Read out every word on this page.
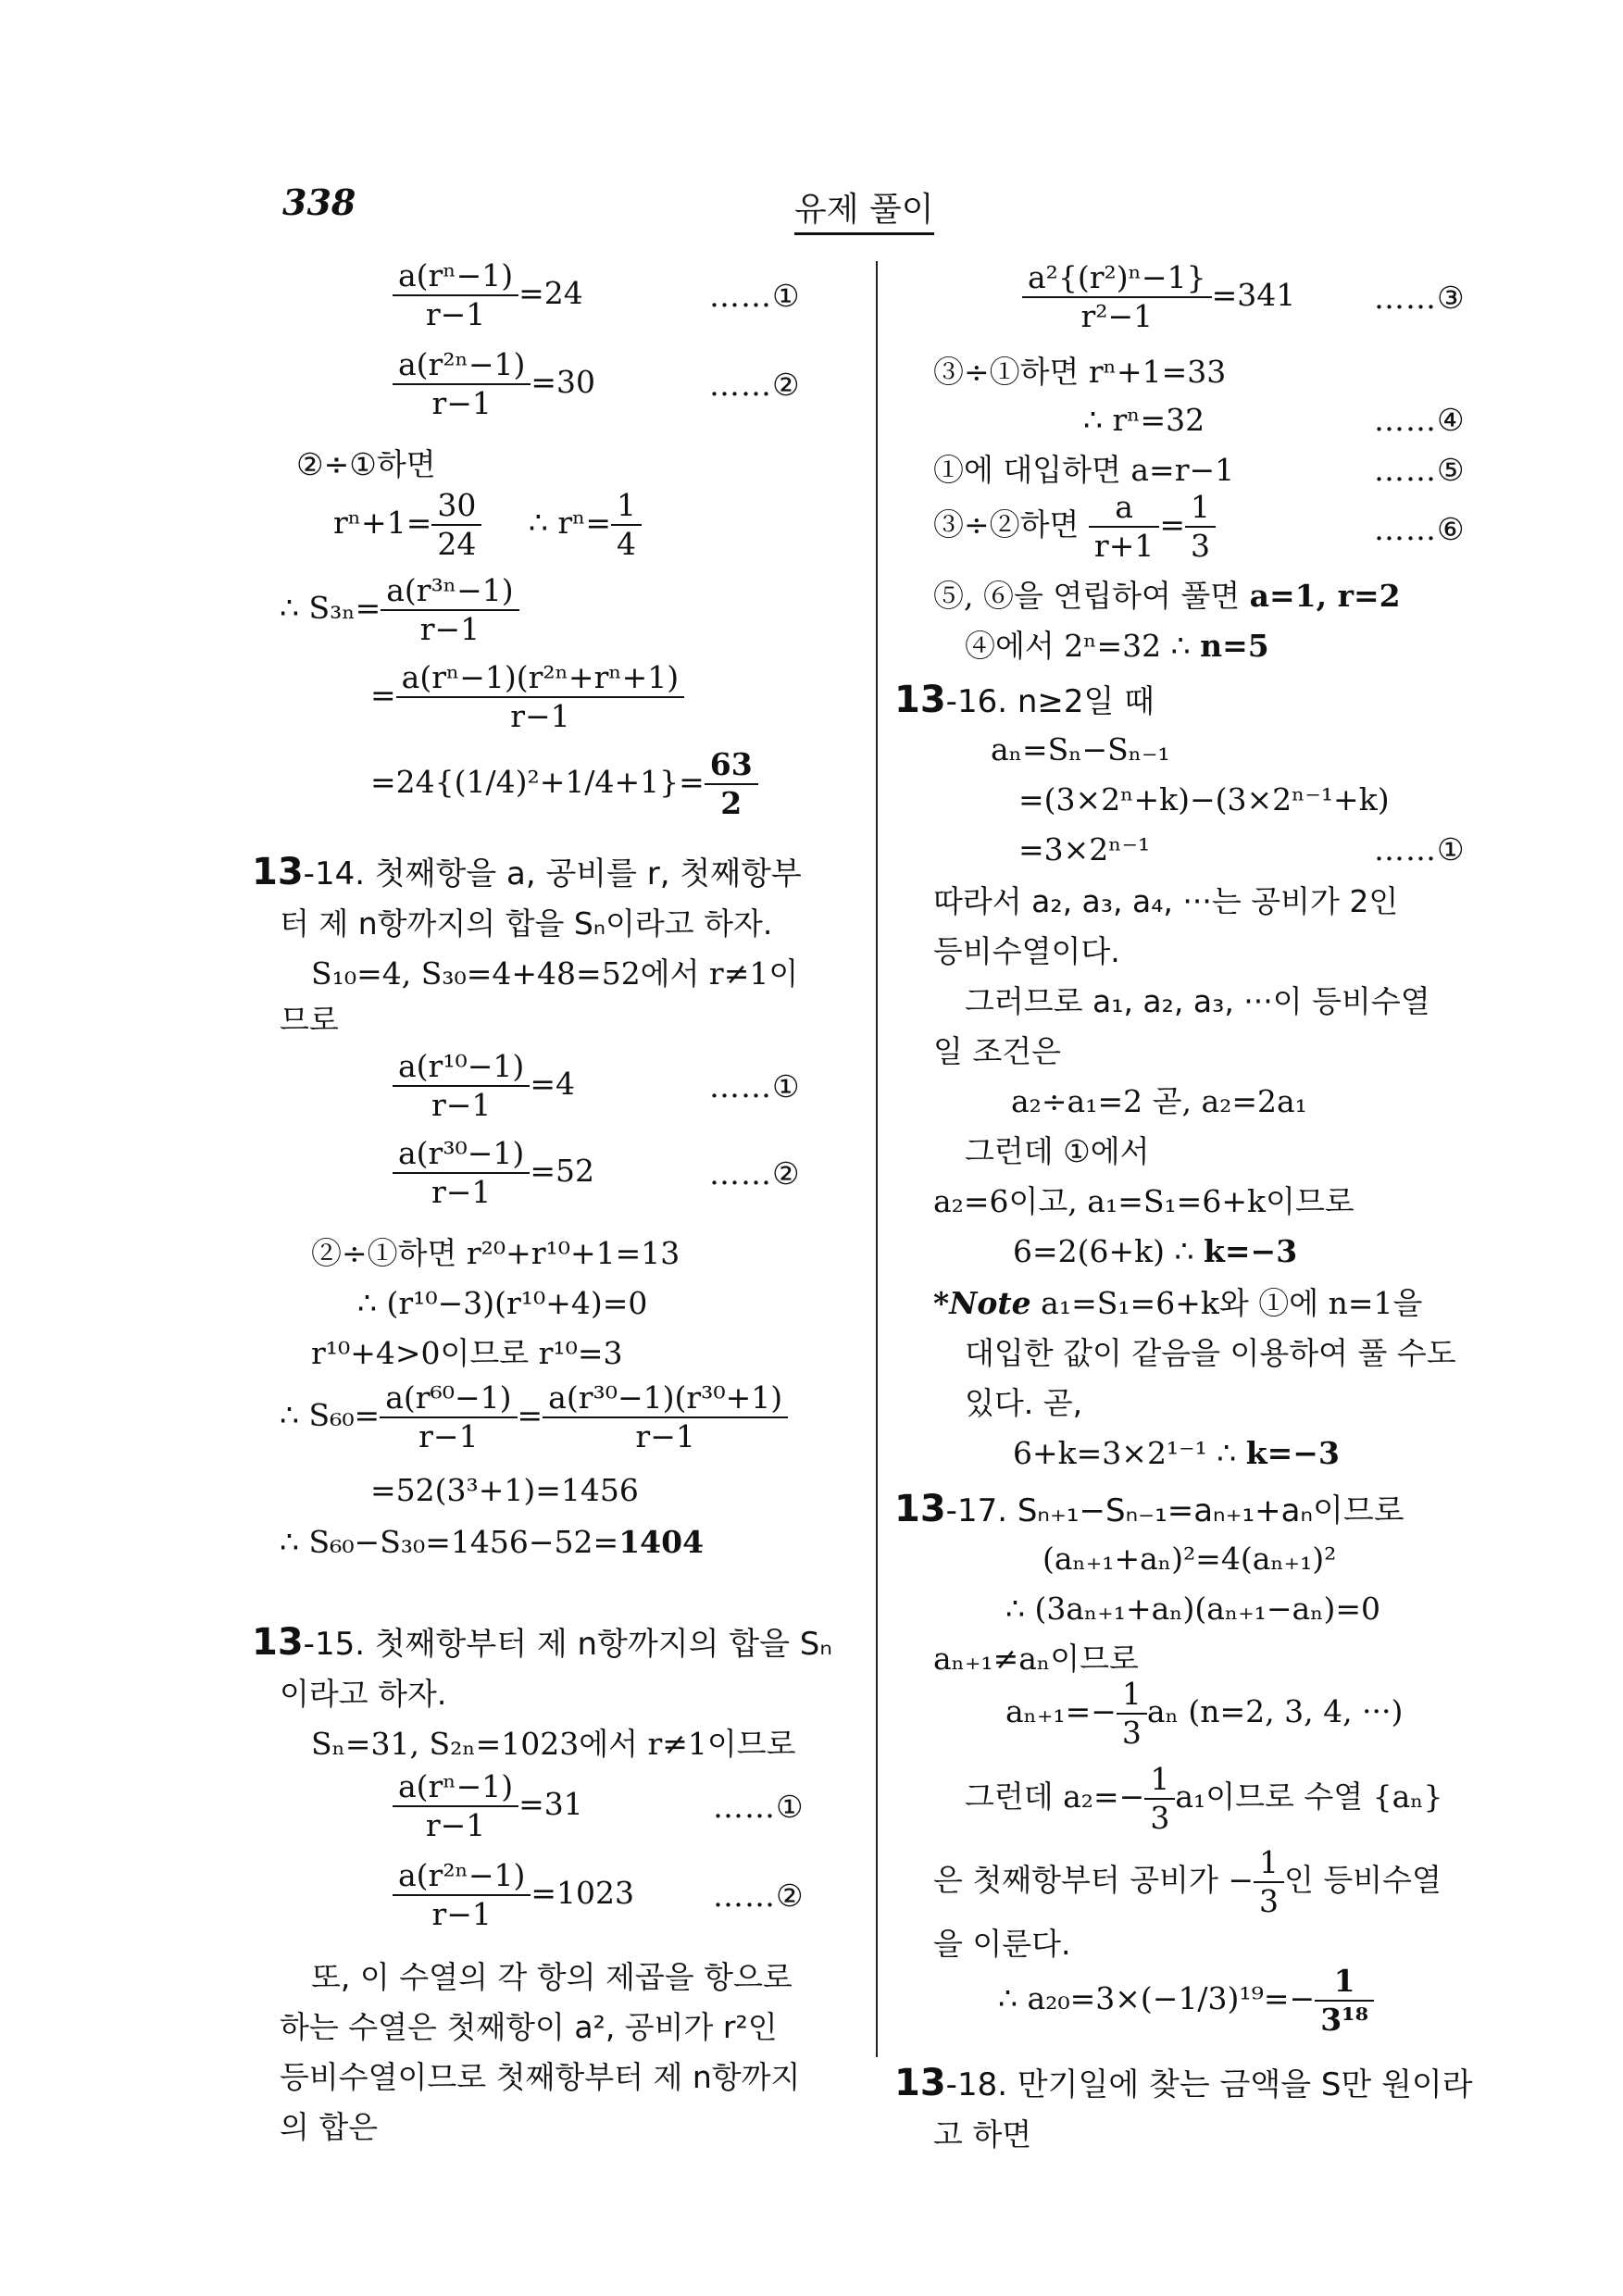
338	유제 풀이
$\frac{\text{a(rⁿ−1)}}{r-1} =24$	……①
$\frac{\text{a(r²ⁿ−1)}}{r-1} =30$	……②
②÷①하면
$r^n+1= \frac{30}{24}$ ∴ $r^n= \frac{1}{4}$
∴ $S_{3n}= \frac{\text{a(r³ⁿ−1)}}{r-1}$
= $\frac{\text{a(rⁿ−1)(r²ⁿ+rⁿ+1)}}{r-1}$
$=24\{(1/4)^2+1/4+1\}= \frac{63}{2}$
13-14. 첫째항을 a, 공비를 r, 첫째항부
터 제 n항까지의 합을 Sₙ이라고 하자.
S₁₀=4, S₃₀=4+48=52에서 r≠1이
므로
$\frac{\text{a(r¹⁰−1)}}{r-1} =4$	……①
$\frac{\text{a(r³⁰−1)}}{r-1} =52$	……②
②÷①하면 r²⁰+r¹⁰+1=13
∴ (r¹⁰−3)(r¹⁰+4)=0
r¹⁰+4>0이므로 r¹⁰=3
∴ $S_{60}= \frac{\text{a(r⁶⁰−1)}}{r-1} = \frac{\text{a(r³⁰−1)(r³⁰+1)}}{r-1}$
=52(3³+1)=1456
∴ S₆₀−S₃₀=1456−52=1404
13-15. 첫째항부터 제 n항까지의 합을 Sₙ
이라고 하자.
Sₙ=31, S₂ₙ=1023에서 r≠1이므로
$\frac{\text{a(rⁿ−1)}}{r-1} =31$	……①
$\frac{\text{a(r²ⁿ−1)}}{r-1} =1023$	……②
또, 이 수열의 각 항의 제곱을 항으로
하는 수열은 첫째항이 a², 공비가 r²인
등비수열이므로 첫째항부터 제 n항까지
의 합은
$\frac{\text{a²\{(r²)ⁿ−1\}}}{\text{r²−1}} =341$	……③
③÷①하면 rⁿ+1=33
∴ rⁿ=32	……④
①에 대입하면 a=r−1	……⑤
③÷②하면 $\frac{a}{r+1} = \frac{1}{3}$	……⑥
⑤, ⑥을 연립하여 풀면 a=1, r=2
④에서 2ⁿ=32 ∴ n=5
13-16. n≥2일 때
aₙ=Sₙ−Sₙ₋₁
=(3×2ⁿ+k)−(3×2ⁿ⁻¹+k)
=3×2ⁿ⁻¹	……①
따라서 a₂, a₃, a₄, ···는 공비가 2인
등비수열이다.
그러므로 a₁, a₂, a₃, ···이 등비수열
일 조건은
a₂÷a₁=2 곧, a₂=2a₁
그런데 ①에서
a₂=6이고, a₁=S₁=6+k이므로
6=2(6+k) ∴ k=−3
*Note a₁=S₁=6+k와 ①에 n=1을
대입한 값이 같음을 이용하여 풀 수도
있다. 곧,
6+k=3×2¹⁻¹ ∴ k=−3
13-17. Sₙ₊₁−Sₙ₋₁=aₙ₊₁+aₙ이므로
(aₙ₊₁+aₙ)²=4(aₙ₊₁)²
∴ (3aₙ₊₁+aₙ)(aₙ₊₁−aₙ)=0
aₙ₊₁≠aₙ이므로
$a_{n+1}=- \frac{1}{3}$ aₙ (n=2, 3, 4, ···)
그런데 $a_2=- \frac{1}{3} a_1$이므로 수열 {aₙ}
은 첫째항부터 공비가 − $\frac{1}{3}$ 인 등비수열
을 이룬다.
∴ $a_{20}=3\times(-1/3)^{19}=- \frac{1}{\text{3¹⁸}}$
13-18. 만기일에 찾는 금액을 S만 원이라
고 하면
